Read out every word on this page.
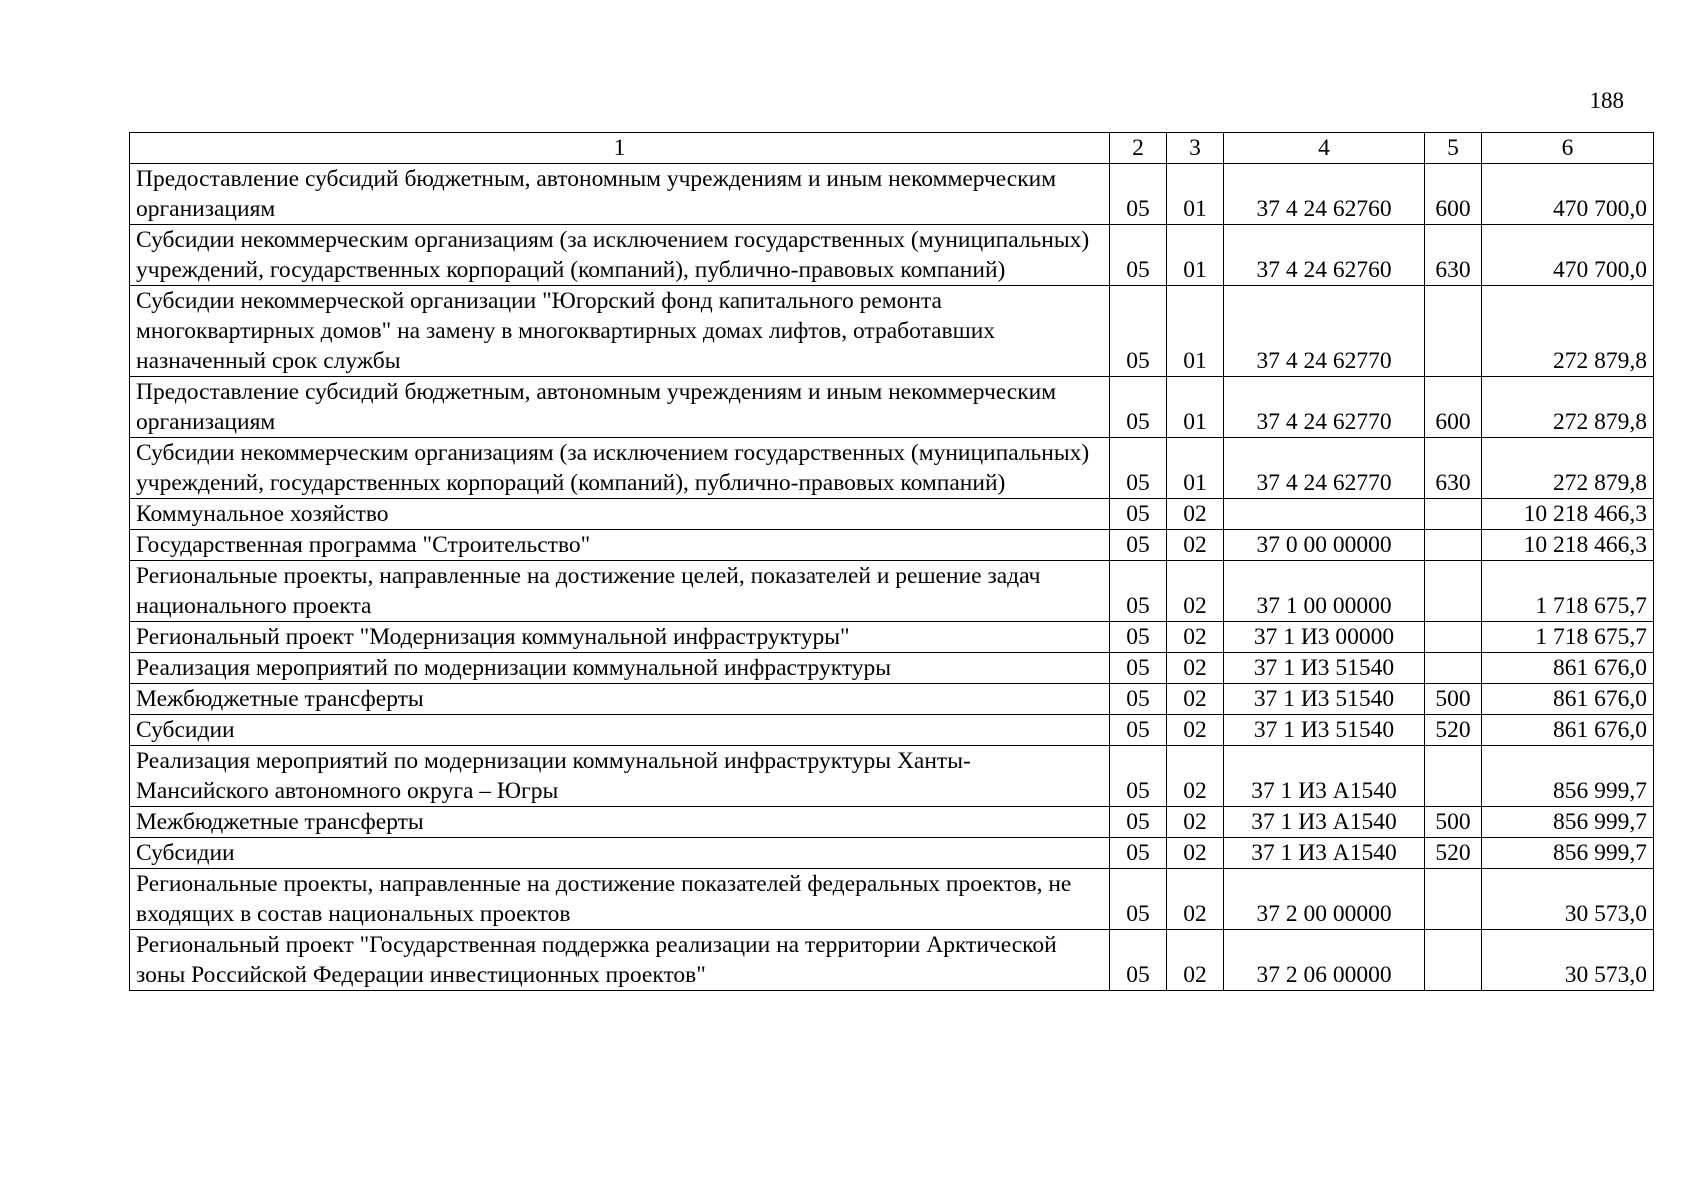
188
1	2	3	4	5	6
Предоставление субсидий бюджетным, автономным учреждениям и иным некоммерческим организациям	05	01	37 4 24 62760	600	470 700,0
Субсидии некоммерческим организациям (за исключением государственных (муниципальных) учреждений, государственных корпораций (компаний), публично-правовых компаний)	05	01	37 4 24 62760	630	470 700,0
Субсидии некоммерческой организации "Югорский фонд капитального ремонта многоквартирных домов" на замену в многоквартирных домах лифтов, отработавших назначенный срок службы	05	01	37 4 24 62770		272 879,8
Предоставление субсидий бюджетным, автономным учреждениям и иным некоммерческим организациям	05	01	37 4 24 62770	600	272 879,8
Субсидии некоммерческим организациям (за исключением государственных (муниципальных) учреждений, государственных корпораций (компаний), публично-правовых компаний)	05	01	37 4 24 62770	630	272 879,8
Коммунальное хозяйство	05	02			10 218 466,3
Государственная программа "Строительство"	05	02	37 0 00 00000		10 218 466,3
Региональные проекты, направленные на достижение целей, показателей и решение задач национального проекта	05	02	37 1 00 00000		1 718 675,7
Региональный проект "Модернизация коммунальной инфраструктуры"	05	02	37 1 И3 00000		1 718 675,7
Реализация мероприятий по модернизации коммунальной инфраструктуры	05	02	37 1 И3 51540		861 676,0
Межбюджетные трансферты	05	02	37 1 И3 51540	500	861 676,0
Субсидии	05	02	37 1 И3 51540	520	861 676,0
Реализация мероприятий по модернизации коммунальной инфраструктуры Ханты-Мансийского автономного округа – Югры	05	02	37 1 И3 А1540		856 999,7
Межбюджетные трансферты	05	02	37 1 И3 А1540	500	856 999,7
Субсидии	05	02	37 1 И3 А1540	520	856 999,7
Региональные проекты, направленные на достижение показателей федеральных проектов, не входящих в состав национальных проектов	05	02	37 2 00 00000		30 573,0
Региональный проект "Государственная поддержка реализации на территории Арктической зоны Российской Федерации инвестиционных проектов"	05	02	37 2 06 00000		30 573,0
